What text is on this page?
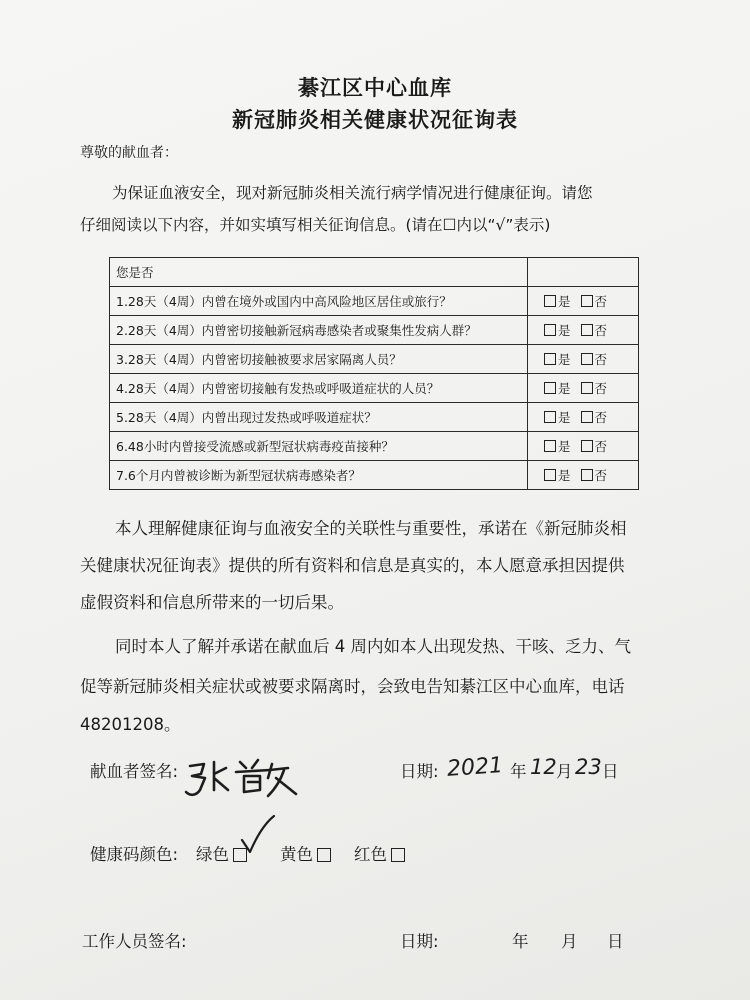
綦江区中心血库
新冠肺炎相关健康状况征询表
尊敬的献血者：
为保证血液安全，现对新冠肺炎相关流行病学情况进行健康征询。请您
仔细阅读以下内容，并如实填写相关征询信息。(请在☐内以“√”表示)
您是否	
1.28天（4周）内曾在境外或国内中高风险地区居住或旅行？	是 否
2.28天（4周）内曾密切接触新冠病毒感染者或聚集性发病人群？	是 否
3.28天（4周）内曾密切接触被要求居家隔离人员？	是 否
4.28天（4周）内曾密切接触有发热或呼吸道症状的人员？	是 否
5.28天（4周）内曾出现过发热或呼吸道症状？	是 否
6.48小时内曾接受流感或新型冠状病毒疫苗接种？	是 否
7.6个月内曾被诊断为新型冠状病毒感染者？	是 否
本人理解健康征询与血液安全的关联性与重要性，承诺在《新冠肺炎相
关健康状况征询表》提供的所有资料和信息是真实的，本人愿意承担因提供
虚假资料和信息所带来的一切后果。
同时本人了解并承诺在献血后 4 周内如本人出现发热、干咳、乏力、气
促等新冠肺炎相关症状或被要求隔离时，会致电告知綦江区中心血库，电话
48201208。
献血者签名:	日期: 2021 年 12 月 23 日
健康码颜色: 绿色	黄色	红色
工作人员签名:	日期:	年 月 日
